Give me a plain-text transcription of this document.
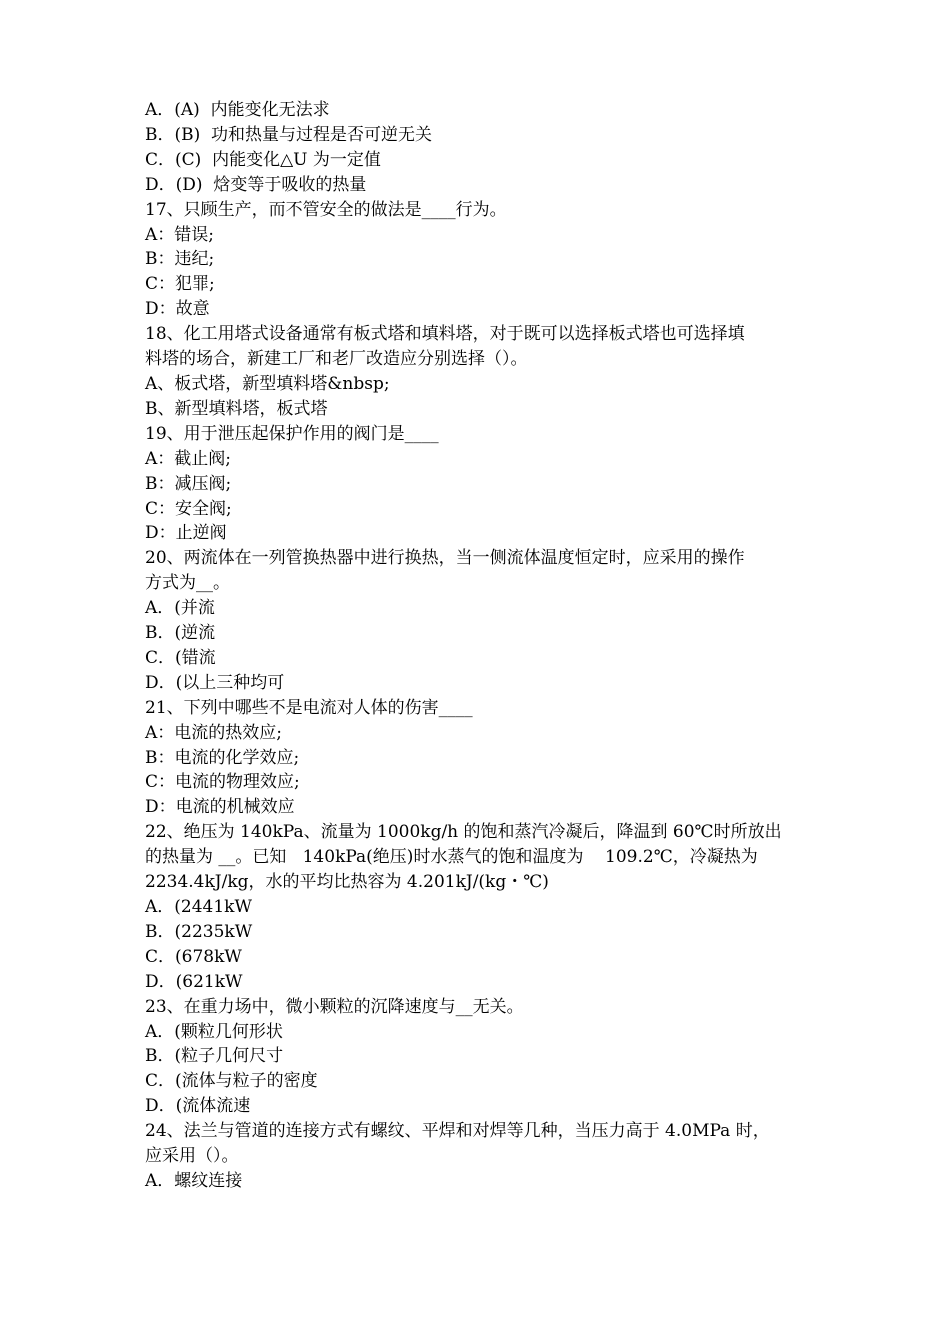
A．(A)  内能变化无法求
B．(B)  功和热量与过程是否可逆无关
C．(C)  内能变化△U 为一定值
D．(D)  焓变等于吸收的热量
17、只顾生产，而不管安全的做法是____行为。
A：错误;
B：违纪;
C：犯罪;
D：故意
18、化工用塔式设备通常有板式塔和填料塔，对于既可以选择板式塔也可选择填
料塔的场合，新建工厂和老厂改造应分别选择（）。
A、板式塔，新型填料塔&nbsp;
B、新型填料塔，板式塔
19、用于泄压起保护作用的阀门是____
A：截止阀;
B：减压阀;
C：安全阀;
D：止逆阀
20、两流体在一列管换热器中进行换热，当一侧流体温度恒定时，应采用的操作
方式为__。
A．(并流
B．(逆流
C．(错流
D．(以上三种均可
21、下列中哪些不是电流对人体的伤害____
A：电流的热效应;
B：电流的化学效应;
C：电流的物理效应;
D：电流的机械效应
22、绝压为 140kPa、流量为 1000kg/h 的饱和蒸汽冷凝后，降温到 60℃时所放出
的热量为 __。已知   140kPa(绝压)时水蒸气的饱和温度为    109.2℃，冷凝热为
2234.4kJ/kg，水的平均比热容为 4.201kJ/(kg・℃)
A．(2441kW
B．(2235kW
C．(678kW
D．(621kW
23、在重力场中，微小颗粒的沉降速度与__无关。
A．(颗粒几何形状
B．(粒子几何尺寸
C．(流体与粒子的密度
D．(流体流速
24、法兰与管道的连接方式有螺纹、平焊和对焊等几种，当压力高于 4.0MPa 时，
应采用（）。
A．螺纹连接
